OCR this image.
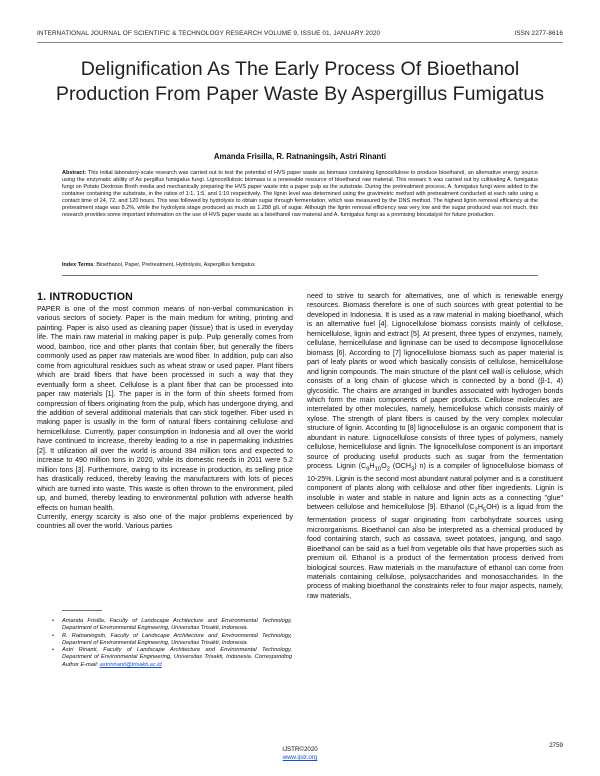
INTERNATIONAL JOURNAL OF SCIENTIFIC & TECHNOLOGY RESEARCH VOLUME 9, ISSUE 01, JANUARY 2020	ISSN 2277-8616
Delignification As The Early Process Of Bioethanol Production From Paper Waste By Aspergillus Fumigatus
Amanda Frisilla, R. Ratnaningsih, Astri Rinanti

Abstract: This initial laboratory-scale research was carried out to test the potential of HVS paper waste as biomass containing lignocellulose to produce bioethanol, an alternative energy source using the enzymatic ability of As pergillus fumigatus fungi. Lignocellulosic biomass is a renewable resource of bioethanol raw material. This researc h was carried out by cultivating A. fumigatus fungi on Potato Dextrose Broth media and mechanically preparing the HVS paper waste into a paper pulp as the substrate. During the pretreatment process, A. fumigatus fungi were added to the container containing the substrate, in the ratios of 1:1, 1:5, and 1:10 respectively. The lignin level was determined using the gravimetric method with pretreatment conducted at each ratio using a contact time of 24, 72, and 120 hours. This was followed by hydrolysis to obtain sugar through fermentation, which was measured by the DNS method. The highest lignin removal efficiency at the pretreatment stage was 8.2%, while the hydrolysis stage produced as much as 1.288 g/L of sugar. Although the lignin removal efficiency was very low and the sugar produced was not much, this research provides some important information on the use of HVS paper waste as a bioethanol raw material and A. fumigatus fungi as a promising biocatalyst for future production.

Index Terms: Bioethanol, Paper, Pretreatment, Hydrolysis, Aspergillus fumigatus

1. INTRODUCTION

PAPER is one of the most common means of non-verbal communication in various sectors of society. Paper is the main medium for writing, printing and painting. Paper is also used as cleaning paper (tissue) that is used in everyday life. The main raw material in making paper is pulp. Pulp generally comes from wood, bamboo, rice and other plants that contain fiber, but generally the fibers commonly used as paper raw materials are wood fiber. In addition, pulp can also come from agricultural residues such as wheat straw or used paper. Plant fibers which are braid fibers that have been processed in such a way that they eventually form a sheet. Cellulose is a plant fiber that can be processed into paper raw materials [1]. The paper is in the form of thin sheets formed from compression of fibers originating from the pulp, which has undergone drying, and the addition of several additional materials that can stick together. Fiber used in making paper is usually in the form of natural fibers containing cellulose and hemicellulose. Currently, paper consumption in Indonesia and all over the world have continued to increase, thereby leading to a rise in papermaking industries [2]. It utilization all over the world is around 394 million tons and expected to increase to 490 million tons in 2020, while its domestic needs in 2011 were 5.2 million tons [3]. Furthermore, owing to its increase in production, its selling price has drastically reduced, thereby leaving the manufacturers with lots of pieces which are turned into waste. This waste is often thrown to the environment, piled up, and burned, thereby leading to environmental pollution with adverse health effects on human health.

Currently, energy scarcity is also one of the major problems experienced by countries all over the world. Various parties

need to strive to search for alternatives, one of which is renewable energy resources. Biomass therefore is one of such sources with great potential to be developed in Indonesia. It is used as a raw material in making bioethanol, which is an alternative fuel [4]. Lignocellulose biomass consists mainly of cellulose, hemicellulose, lignin and extract [5]. At present, three types of enzymes, namely, cellulase, hemicellulase and ligninase can be used to decompose lignocellulose biomass [6]. According to [7] lignocellulose biomass such as paper material is part of leafy plants or wood which basically consists of cellulose, hemicellulose and lignin compounds. The main structure of the plant cell wall is cellulose, which consists of a long chain of glucose which is connected by a bond (β-1, 4) glycosidic. The chains are arranged in bundles associated with hydrogen bonds which form the main components of paper products. Cellulose molecules are interrelated by other molecules, namely, hemicellulose which consists mainly of xylose. The strength of plant fibers is caused by the very complex molecular structure of lignin. According to [8] lignocellulose is an organic component that is abundant in nature. Lignocellulose consists of three types of polymers, namely cellulose, hemicellulose and lignin. The lignocellulose component is an important source of producing useful products such as sugar from the fermentation process. Lignin ($C_9H_{10}O_2$ $(OCH_3)$ n) is a compiler of lignocellulose biomass of 10-25%. Lignin is the second most abundant natural polymer and is a constituent component of plants along with cellulose and other fiber ingredients. Lignin is insoluble in water and stable in nature and lignin acts as a connecting "glue" between cellulose and hemicellulose [9]. Ethanol $(C_2H_5OH)$ is a liquid from the fermentation process of sugar originating from carbohydrate sources using microorganisms. Bioethanol can also be interpreted as a chemical produced by food containing starch, such as cassava, sweet potatoes, jangung, and sago. Bioethanol can be said as a fuel from vegetable oils that have properties such as premium oil. Ethanol is a product of the fermentation process derived from biological sources. Raw materials in the manufacture of ethanol can come from materials containing cellulose, polysaccharides and monosaccharides. In the process of making bioethanol the constraints refer to four major aspects, namely, raw materials,

•	Amanda Frisilla, Faculty of Landscape Architecture and Environmental Technology, Department of Environmental Engineering, Universitas Trisakti, Indonesia.
•	R. Ratnaningsih, Faculty of Landscape Architecture and Environmental Technology, Department of Environmental Engineering, Universitas Trisakti, Indonesia.
•	Astri Rinanti, Faculty of Landscape Architecture and Environmental Technology, Department of Environmental Engineering, Universitas Trisakti, Indonesia. Corresponding Author E-mail: astririnanti@trisakti.ac.id
IJSTR©2020
www.ijstr.org
2759
